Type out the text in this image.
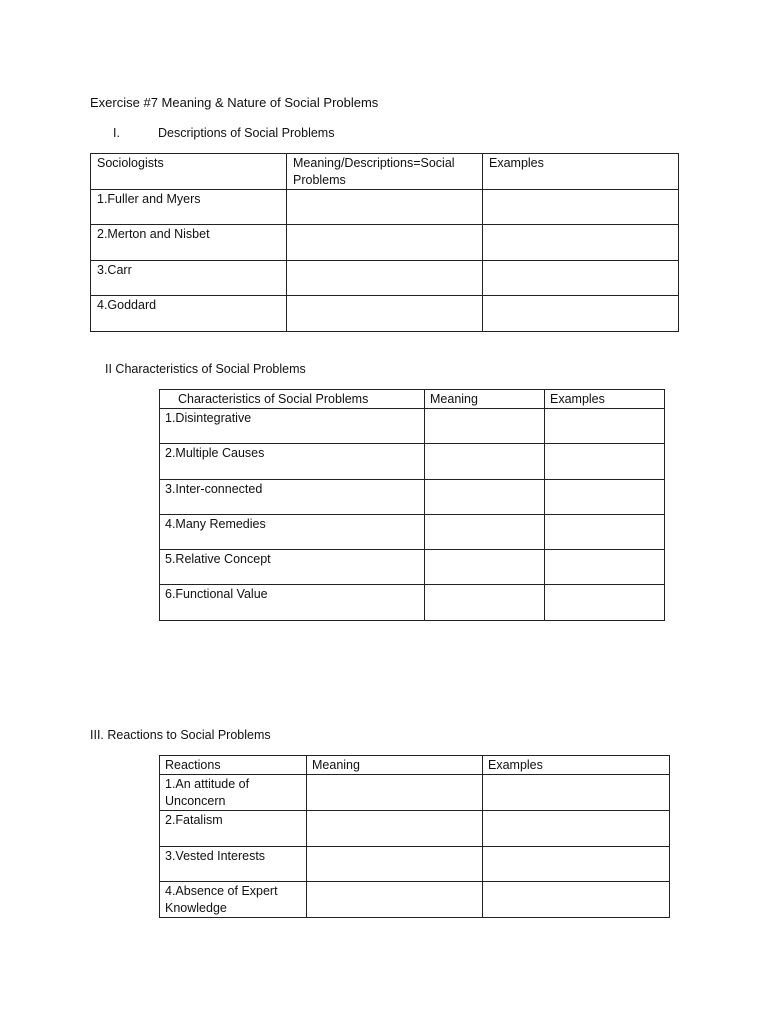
Exercise #7 Meaning & Nature of Social Problems
I.	Descriptions of Social Problems
Sociologists	Meaning/Descriptions=Social Problems	Examples
1.Fuller and Myers		
2.Merton and Nisbet		
3.Carr		
4.Goddard		
II Characteristics of Social Problems
Characteristics of Social Problems	Meaning	Examples
1.Disintegrative		
2.Multiple Causes		
3.Inter-connected		
4.Many Remedies		
5.Relative Concept		
6.Functional Value		
III. Reactions to Social Problems
Reactions	Meaning	Examples
1.An attitude of Unconcern		
2.Fatalism		
3.Vested Interests		
4.Absence of Expert Knowledge		
